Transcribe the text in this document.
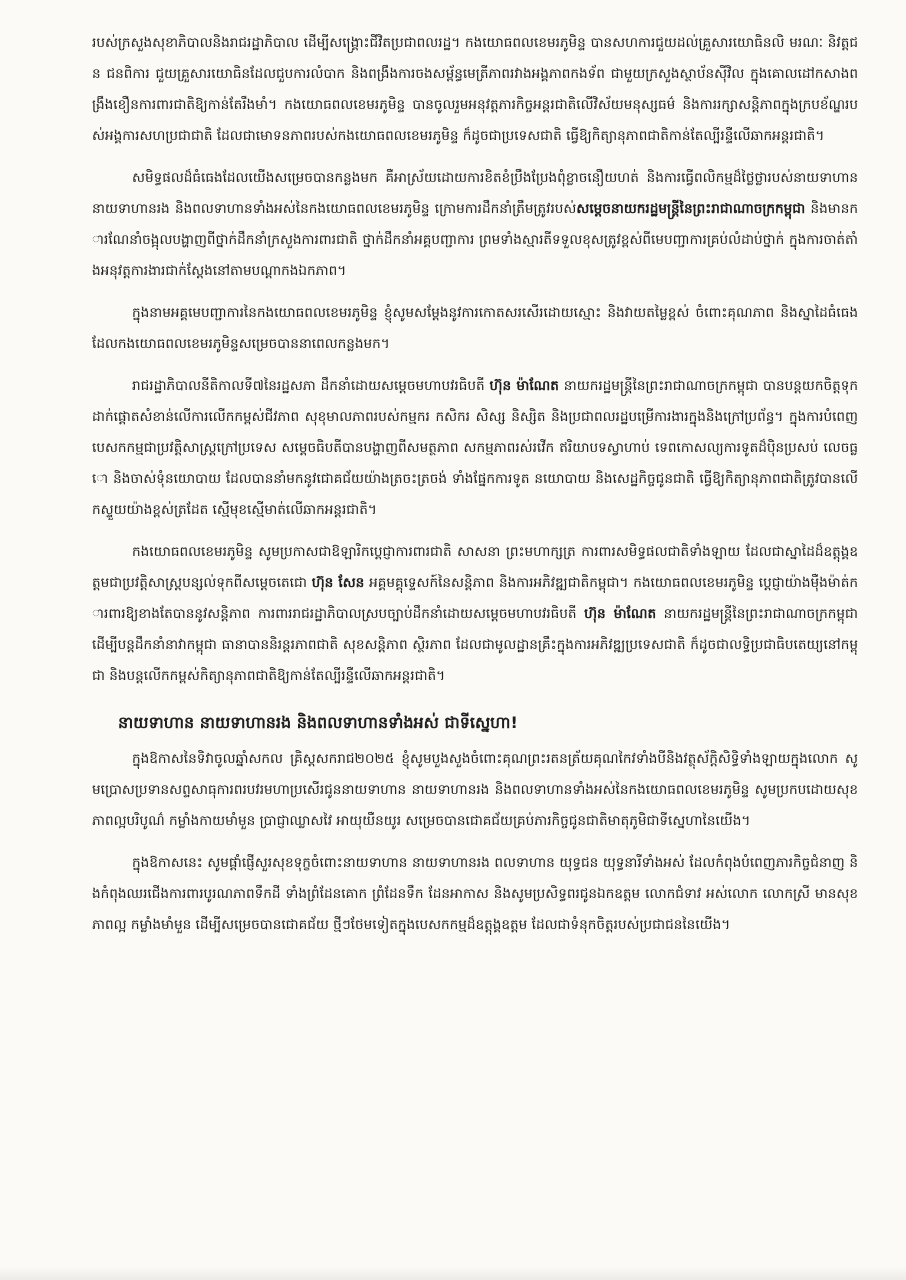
របស់ក្រសួងសុខាភិបាលនិងរាជរដ្ឋាភិបាល ដើម្បីសង្គ្រោះជីវិតប្រជាពលរដ្ឋ។ កងយោធពលខេមរភូមិន្ទ បានសហការជួយដល់គ្រួសារយោធិនលិ មរណៈ និវត្តជន ជនពិការ ជួយគ្រួសារយោធិនដែលជួបការលំបាក និងពង្រឹងការចងសម្ព័ន្ធមេត្រីភាពរវាងអង្គភាពកងទ័ព ជាមួយក្រសួងស្ថាប័នស៊ីវិល ក្នុងគោលដៅកសាងពង្រឹងខឿនការពារជាតិឱ្យកាន់តែរឹងមាំ។ កងយោធពលខេមរភូមិន្ទ បានចូលរួមអនុវត្តភារកិច្ចអន្តរជាតិលើវិស័យមនុស្សធម៌ និងការរក្សាសន្តិភាពក្នុងក្របខ័ណ្ឌរបស់អង្គការសហប្រជាជាតិ ដែលជាមោទនភាពរបស់កងយោធពលខេមរភូមិន្ទ ក៏ដូចជាប្រទេសជាតិ ធ្វើឱ្យកិត្យានុភាពជាតិកាន់តែល្បីរន្ទឺលើឆាកអន្តរជាតិ។

សមិទ្ធផលដ៏ធំធេងដែលយើងសម្រេចបានកន្លងមក គឺអាស្រ័យដោយការខិតខំប្រឹងប្រែងពុំខ្លាចនឿយហត់ និងការធ្វើពលិកម្មដ៏ថ្លៃថ្លារបស់នាយទាហាន នាយទាហានរង និងពលទាហានទាំងអស់នៃកងយោធពលខេមរភូមិន្ទ ក្រោមការដឹកនាំត្រឹមត្រូវរបស់សម្តេចនាយករដ្ឋមន្ត្រីនៃព្រះរាជាណាចក្រកម្ពុជា និងមានការណែនាំចង្អុលបង្ហាញពីថ្នាក់ដឹកនាំក្រសួងការពារជាតិ ថ្នាក់ដឹកនាំអគ្គបញ្ជាការ ព្រមទាំងស្មារតីទទួលខុសត្រូវខ្ពស់ពីមេបញ្ជាការគ្រប់លំដាប់ថ្នាក់ ក្នុងការចាត់តាំងអនុវត្តការងារជាក់ស្តែងនៅតាមបណ្តាកងឯកភាព។

ក្នុងនាមអគ្គមេបញ្ជាការនៃកងយោធពលខេមរភូមិន្ទ ខ្ញុំសូមសម្តែងនូវការកោតសរសើរដោយស្មោះ និងវាយតម្លៃខ្ពស់ ចំពោះគុណភាព និងស្នាដៃធំធេងដែលកងយោធពលខេមរភូមិន្ទសម្រេចបាននាពេលកន្លងមក។

រាជរដ្ឋាភិបាលនីតិកាលទី៧នៃរដ្ឋសភា ដឹកនាំដោយសម្តេចមហាបវរធិបតី ហ៊ុន ម៉ាណែត នាយករដ្ឋមន្ត្រីនៃព្រះរាជាណាចក្រកម្ពុជា បានបន្តយកចិត្តទុកដាក់ផ្តោតសំខាន់លើការលើកកម្ពស់ជីវភាព សុខុមាលភាពរបស់កម្មករ កសិករ សិស្ស និស្សិត និងប្រជាពលរដ្ឋបម្រើការងារក្នុងនិងក្រៅប្រព័ន្ធ។ ក្នុងការបំពេញបេសកកម្មជាប្រវត្តិសាស្ត្រក្រៅប្រទេស សម្តេចធិបតីបានបង្ហាញពីសមត្ថភាព សកម្មភាពរស់រវើក ឥរិយាបទស្វាហាប់ ទេពកោសល្យការទូតដ៏ប៉ិនប្រសប់ លេចធ្លោ និងចាស់ទុំនយោបាយ ដែលបាននាំមកនូវជោគជ័យយ៉ាងត្រចះត្រចង់ ទាំងផ្នែកការទូត នយោបាយ និងសេដ្ឋកិច្ចជូនជាតិ ធ្វើឱ្យកិត្យានុភាពជាតិត្រូវបានលើកស្ទួយយ៉ាងខ្ពស់ត្រដែត ស្មើមុខស្មើមាត់លើឆាកអន្តរជាតិ។

កងយោធពលខេមរភូមិន្ទ សូមប្រកាសជាឱឡារិកប្តេជ្ញាការពារជាតិ សាសនា ព្រះមហាក្សត្រ ការពារសមិទ្ធផលជាតិទាំងឡាយ ដែលជាស្នាដៃដ៏ឧត្តុង្គឧត្តមជាប្រវត្តិសាស្ត្របន្សល់ទុកពីសម្តេចតេជោ ហ៊ុន សែន អគ្គមគ្គុទ្ទេសក៍នៃសន្តិភាព និងការអភិវឌ្ឍជាតិកម្ពុជា។ កងយោធពលខេមរភូមិន្ទ ប្តេជ្ញាយ៉ាងម៉ឺងម៉ាត់ការពារឱ្យខាងតែបាននូវសន្តិភាព ការពាររាជរដ្ឋាភិបាលស្របច្បាប់ដឹកនាំដោយសម្តេចមហាបវរធិបតី ហ៊ុន ម៉ាណែត នាយករដ្ឋមន្ត្រីនៃព្រះរាជាណាចក្រកម្ពុជា ដើម្បីបន្តដឹកនាំនាវាកម្ពុជា ធានាបាននិរន្តរភាពជាតិ សុខសន្តិភាព ស្ថិរភាព ដែលជាមូលដ្ឋានគ្រឹះក្នុងការអភិវឌ្ឍប្រទេសជាតិ ក៏ដូចជាលទ្ធិប្រជាធិបតេយ្យនៅកម្ពុជា និងបន្តលើកកម្ពស់កិត្យានុភាពជាតិឱ្យកាន់តែល្បីរន្ទឺលើឆាកអន្តរជាតិ។

នាយទាហាន នាយទាហានរង និងពលទាហានទាំងអស់ ជាទីស្នេហា!

ក្នុងឱកាសនៃទិវាចូលឆ្នាំសកល គ្រិស្តសករាជ២០២៥ ខ្ញុំសូមបួងសួងចំពោះគុណព្រះរតនត្រ័យគុណកៃវទាំងបីនិងវត្ថុស័ក្តិសិទ្ធិទាំងឡាយក្នុងលោក សូមប្រោសប្រទានសព្ទសាធុការពរបវរមហាប្រសើរជូននាយទាហាន នាយទាហានរង និងពលទាហានទាំងអស់នៃកងយោធពលខេមរភូមិន្ទ សូមប្រកបដោយសុខភាពល្អបរិបូណ៌ កម្លាំងកាយមាំមួន ប្រាជ្ញាឈ្លាសវៃ អាយុយឺនយូរ សម្រេចបានជោគជ័យគ្រប់ភារកិច្ចជូនជាតិមាតុភូមិជាទីស្នេហានៃយើង។

ក្នុងឱកាសនេះ សូមផ្តាំផ្ញើសួរសុខទុក្ខចំពោះនាយទាហាន នាយទាហានរង ពលទាហាន យុទ្ធជន យុទ្ធនារីទាំងអស់ ដែលកំពុងបំពេញភារកិច្ចជំនាញ និងកំពុងឈរជើងការពារបូរណភាពទឹកដី ទាំងព្រំដែនគោក ព្រំដែនទឹក ដែនអាកាស និងសូមប្រសិទ្ធពរជូនឯកឧត្តម លោកជំទាវ អស់លោក លោកស្រី មានសុខភាពល្អ កម្លាំងមាំមួន ដើម្បីសម្រេចបានជោគជ័យ ថ្មីៗថែមទៀតក្នុងបេសកកម្មដ៏ឧត្តុង្គឧត្តម ដែលជាទំនុកចិត្តរបស់ប្រជាជននៃយើង។
